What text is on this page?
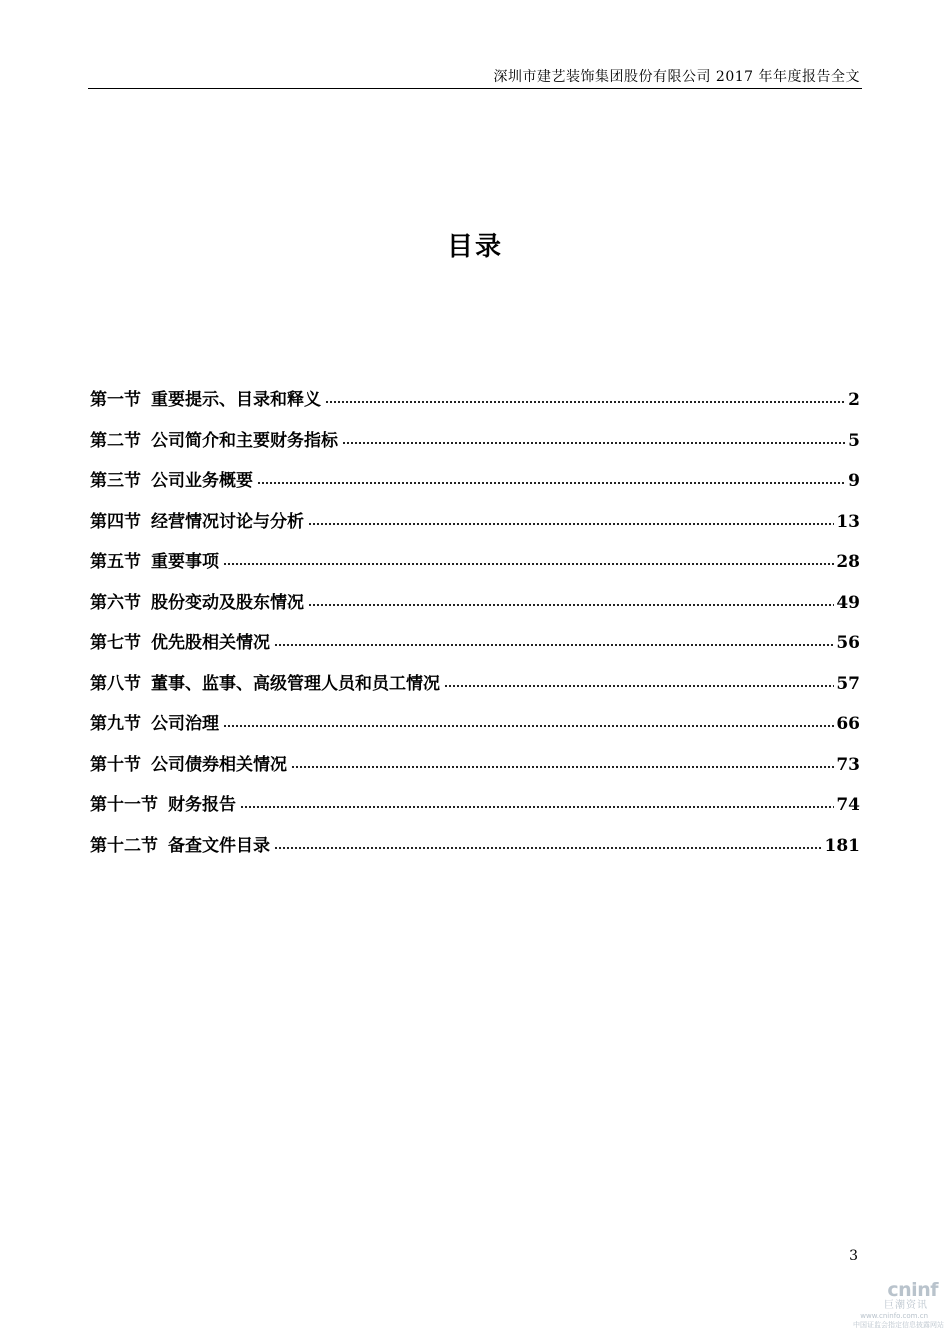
深圳市建艺装饰集团股份有限公司 2017 年年度报告全文
目录
第一节 重要提示、目录和释义	2
第二节 公司简介和主要财务指标	5
第三节 公司业务概要	9
第四节 经营情况讨论与分析	13
第五节 重要事项	28
第六节 股份变动及股东情况	49
第七节 优先股相关情况	56
第八节 董事、监事、高级管理人员和员工情况	57
第九节 公司治理	66
第十节 公司债券相关情况	73
第十一节 财务报告	74
第十二节 备查文件目录	181
3
cninf
巨潮资讯
www.cninfo.com.cn
中国证监会指定信息披露网站
